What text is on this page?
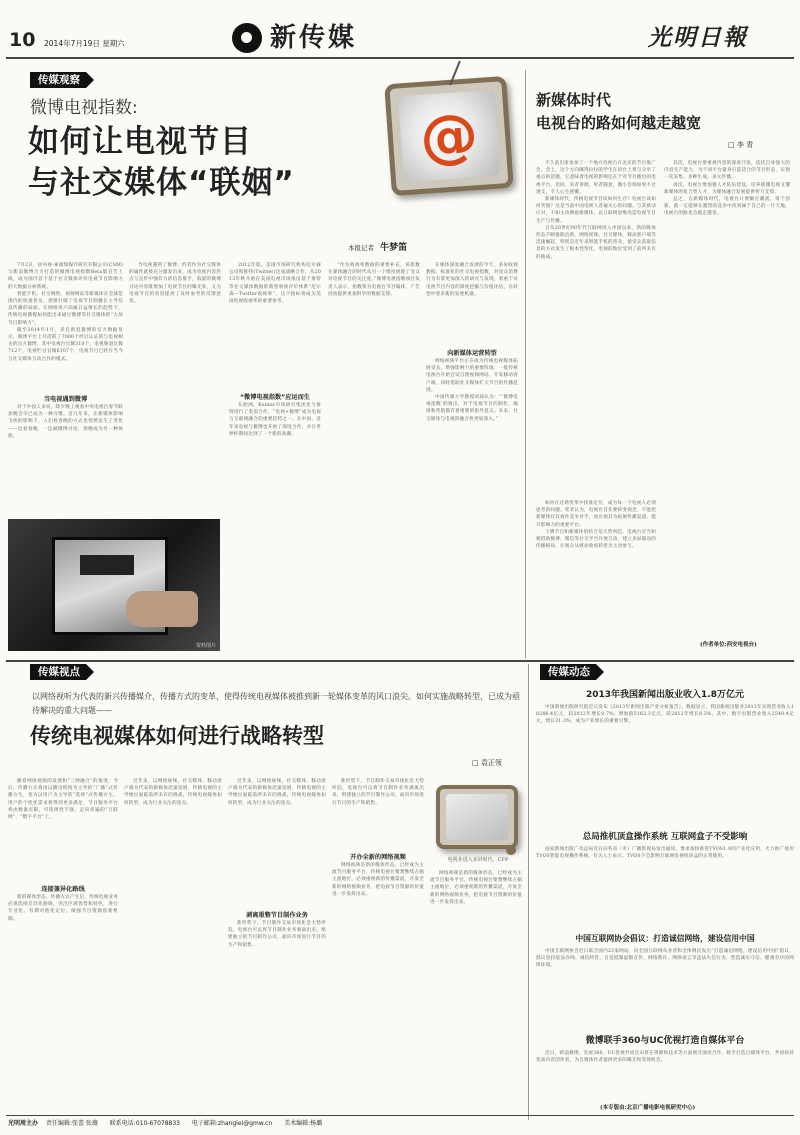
10 2014年7月19日 星期六	新传媒	光明日報
传媒观察
微博电视指数:
如何让电视节目
与社交媒体“联姻”
本报记者 牛梦笛
@

7月2日，由央视-索福瑞媒介研究有限公司(CSM)与新浪微博合力打造的微博电视指数Beta版宣告上线，成为国内首个基于社交媒体评价电视节目影响力的大数据分析系统。

智能手机、社交网络、视频网站等新媒体在全球范围内的快速普及，逐渐打破了电视节目制播在主导信息传播的局面。在网络用户尚属日益增长的趋势下，传统电视播媒如何能出来通过微博等社交媒体的“大屏节目影响力”。

截至2014年1月，来自新浪微博的官方数据显示，微博平台上月活跃了7000个经过认证的与电视相关的官方微博，其中电视台官微310个，电视频道官微712个，电视栏目官微6107个，电视节目已经在当今与社交媒体互动合作的模式。

当电视遇到微博

对于中国人来说，除夕晚上观看中央电视台春节联欢晚会早已成为一种习惯。近几年来，在新媒体影响飞快的影响下，人们看春晚的方式也悄然发生了变化——边看春晚，一边刷微博讨论，春晚成为另一种体验。

资料图片

当电视遇到了微博，约者作为社交媒体的属性就被充分激发出来，成为电视内容热点与宣传中强有力的信息推手，海量的微博讨论内容既增加了电视节目的曝光率，又为电视节目的改进提供了及时参考的反馈意见。

2012年夏，美国市场研究机构尼尔森公司和推特(Twitter)达成战略合作，从2013年秋开始在美国电视市场推出基于推特等社交媒体数据的新型收视评价体系“尼尔森—Twitter收视率”，这个指标将成为美国电视收视率的重要参考。

“微博电视指数”应运而生

在欧洲，Kantar市场研究集团也与推特进行了类似合作，“电视+微博”成为电视与互联网融合的重要趋势之一。在中国，近年来电视与微博也开始了深度合作，并在世界杯期间达到了一个新的高潮。

“作为收视率数据的重要补充，该指数在媒体融合的时代从另一个维度展现了受众对电视节目的关注度。”微博电视指数项目负责人表示，指数将为电视台节目编排、广告投放提供更加科学的数据支撑。

在媒体深度融合发展的今天，多屏收视数据、标准化的社交电视指数，对受众消费行为有着更加深入的研究与发现，着重于对电视节目内容的深度挖掘与价值评估，在转型中迎来新的发展机遇。

向新媒体运营转型

网络视频平台正在成为传统电视媒体拓展受众、增强影响力的重要阵地，一批传统电视台开始尝试自建视频网站、开发移动客户端，同时借助社交媒体扩大节目的传播范围。

中国传媒大学教授刘昶认为：“‘微博电视指数’的推出，对于电视节目的制作、编排和营销都有着重要的指导意义。未来，社交媒体与电视的融合将更加深入。”

新媒体时代
电视台的路如何越走越宽
□ 李 青

不久前出席参加了一个地方电视台在北京的节目推广会，会上，这个方向曝得拉拉的学生在讲台上将与分享了重点的话题，它意味着电视的影响还在于对节目播出的电视平台，但同，来者讲理，听者随意，微小会场如果不过透支，令人心生感慨。

新媒体时代，传统电视节目该如何生存？电视台该如何突围？这是当前中国电视人普遍关心的问题。与其被动应对，不如主动拥抱新媒体，以互联网思维改造电视节目生产与传播。

自从20世纪90年代互联网进入中国以来，新的媒体形态不断推陈出新，网络视频、社交媒体、移动客户端等迅速崛起，特别是近年来智能手机的普及，使受众获取信息的方式发生了根本性变化，电视的地位受到了前所未有的挑战。

如何在这场变革中找准定位，成为每一个电视人必须思考的问题。笔者认为，电视台首先要转变观念，不能把新媒体仅仅看作竞争对手，而应视其为拓展传播渠道、提升影响力的重要平台。

王牌节目和新媒体的结合是大势所趋，电视台应当积极借助微博、微信等社交平台开展互动，建立多屏联动的传播格局，让观众从被动收看转变为主动参与。

其次，电视台要重视内容的深度开发，依托自身强大的内容生产能力，为不同平台量身打造适合的节目形态，实现一次采集、多种生成、多元传播。

再次，电视台要加强人才队伍建设，培养既懂电视又懂新媒体的复合型人才，为媒体融合发展提供智力支撑。

总之，在新媒体时代，电视台只要顺应潮流、勇于创新，就一定能够在激烈的竞争中找到属于自己的一片天地，电视台的路也会越走越宽。

(作者单位:西安电视台)
传媒视点
以网络视听为代表的新兴传播媒介，传播方式的变革，使得传统电视媒体被推到新一轮媒体变革的风口浪尖。如何实施战略转型，已成为亟待解决的重大问题——
传统电视媒体如何进行战略转型
□ 袁正领

随着网络视频的发展和“三网融合”的推进，今后，传播方式将由以播出机构为主导的“广播”式传播方生，变为以用户为主导的“选择”式传播方主，用户的个性化需求将得到更多满足，节目服务平台将由数量有限，可选择性不强，走向普遍的“互联网”、“数字平台”上。

连接兼异化路线

新的媒体形态、传播方式产生后，传统电视业务必须选择差异化路线，突出区域优势和特色，进行专业化、有期对他化定位，做强节目资源创新机制。

近年来，以网络视频、社交媒体、移动客户端为代表的新媒体迅速发展，传统电视的主导地位面临前所未有的挑战，传统电视媒体如何转型，成为行业关注的焦点。

近年来，以网络视频、社交媒体、移动客户端为代表的新媒体迅速发展，传统电视的主导地位面临前所未有的挑战，传统电视媒体如何转型，成为行业关注的焦点。

剥离重整节目制作业务

新形势下，节目制作交易市场化是大势所趋，电视台可以将节目制作业务剥离出来，组建独立的节目制作公司，面向市场进行节目的生产和销售。

新形势下，节目制作交易市场化是大势所趋，电视台可以将节目制作业务剥离出来，组建独立的节目制作公司，面向市场进行节目的生产和销售。

开办全新的网络视频

网络视频是新的媒体形态，已经成为主流节目服务平台，传统电视台要想继续占据主流地位，必须重视新的传播渠道，开发全新的网络视频业务，把电视节目资源的价值进一步发挥出来。

电视业进入多屏时代。CFP

网络视频是新的媒体形态，已经成为主流节目服务平台，传统电视台要想继续占据主流地位，必须重视新的传播渠道，开发全新的网络视频业务，把电视节目资源的价值进一步发挥出来。

传媒动态
2013年我国新闻出版业收入1.8万亿元

中国新闻出版研究院近日发布《2013年新闻出版产业分析报告》，数据显示，我国新闻出版业2013年实现营业收入18246.4亿元，较2012年增长9.7%；增加值5162.3亿元，较2012年增长8.3%。其中，数字出版营业收入2540.4亿元，增长31.3%，成为产业增长的重要引擎。

总局推机顶盒操作系统 互联网盒子不受影响

国家新闻出版广电总局近日向各省（市）广播影视局发出通知，要求加快推进TVOS1.0的产业化应用，大力推广使用TVOS智能电视操作系统。有关人士表示，TVOS不会影响互联网电视机顶盒的正常使用。

中国互联网协会倡议：打造诚信网络，建设信用中国

中国互联网协会近日联合国内22家网站，向全国互联网从业者和全体网民发出“打造诚信网络，建设信用中国”倡议，倡议坚持依法办网、诚信经营，自觉抵制虚假宣传、网络欺诈、网络谣言等违法失信行为，营造诚实守信、健康有序的网络环境。

微博联手360与UC优视打造自媒体平台

近日，新浪微博、奇虎360、UC优视共同宣布将在资源和技术等方面展开深度合作，联手打造自媒体平台，共同扶持优质内容创作者，为自媒体作者提供更多的曝光和变现机会。

(本专版由:北京广播电影电视研究中心)
光明周主办 责任编辑:张蕾 张薇 联系电话:010-67078833 电子邮箱:zhanglei@gmw.cn 美术编辑:杨璐
